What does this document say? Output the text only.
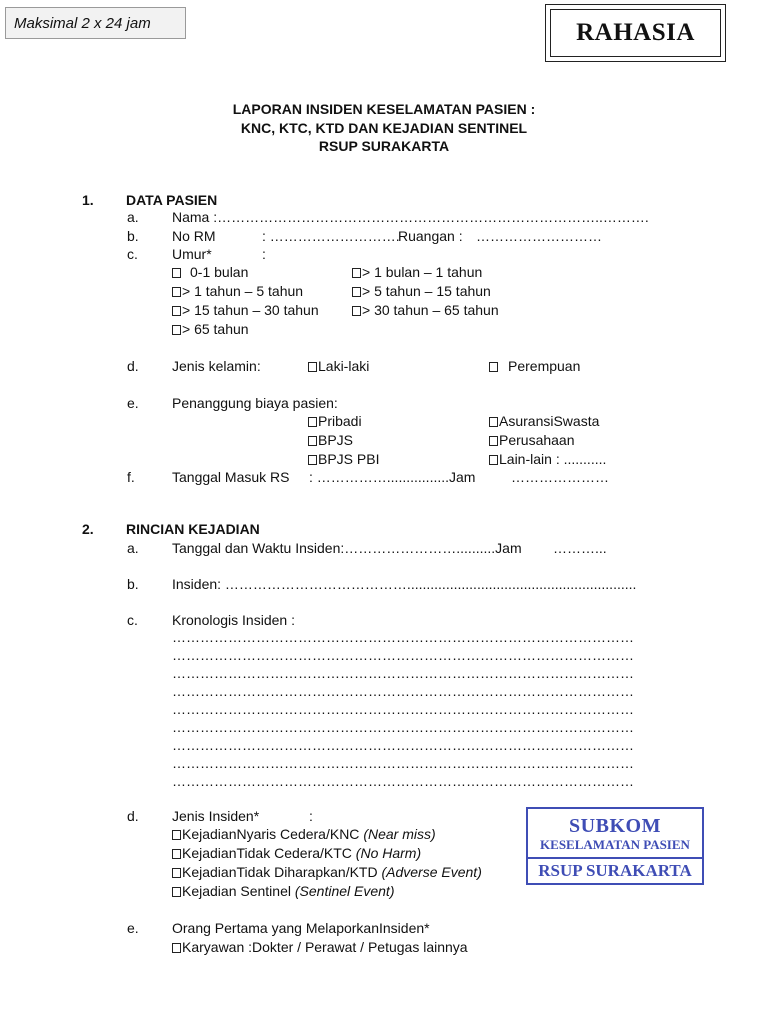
Maksimal 2 x 24 jam	RAHASIA
LAPORAN INSIDEN KESELAMATAN PASIEN :
KNC, KTC, KTD DAN KEJADIAN SENTINEL
RSUP SURAKARTA
1. DATA PASIEN
a. Nama :………………………………………………………………………..……….
b. No RM	: ……………………….
Ruangan : ………………………
c. Umur*	:
0-1 bulan	> 1 bulan – 1 tahun
> 1 tahun – 5 tahun	> 5 tahun – 15 tahun
> 15 tahun – 30 tahun	> 30 tahun – 65 tahun
> 65 tahun
d. Jenis kelamin:	Laki-laki	Perempuan
e. Penanggung biaya pasien:
Pribadi	AsuransiSwasta
BPJS	Perusahaan
BPJS PBI	Lain-lain : ...........
f.	Tanggal Masuk RS : ……………................Jam	…………………
2. RINCIAN KEJADIAN
a. Tanggal dan Waktu Insiden:……………………..........Jam ………...
b. Insiden: …………………………………...........................................................
c. Kronologis Insiden :
………………………………………………………………………………………
………………………………………………………………………………………
………………………………………………………………………………………
………………………………………………………………………………………
………………………………………………………………………………………
………………………………………………………………………………………
………………………………………………………………………………………
………………………………………………………………………………………
………………………………………………………………………………………
d. Jenis Insiden*	:
KejadianNyaris Cedera/KNC (Near miss)
KejadianTidak Cedera/KTC (No Harm)
KejadianTidak Diharapkan/KTD (Adverse Event)
Kejadian Sentinel (Sentinel Event)
e. Orang Pertama yang MelaporkanInsiden*
Karyawan :Dokter / Perawat / Petugas lainnya
SUBKOM
KESELAMATAN PASIEN
RSUP SURAKARTA
